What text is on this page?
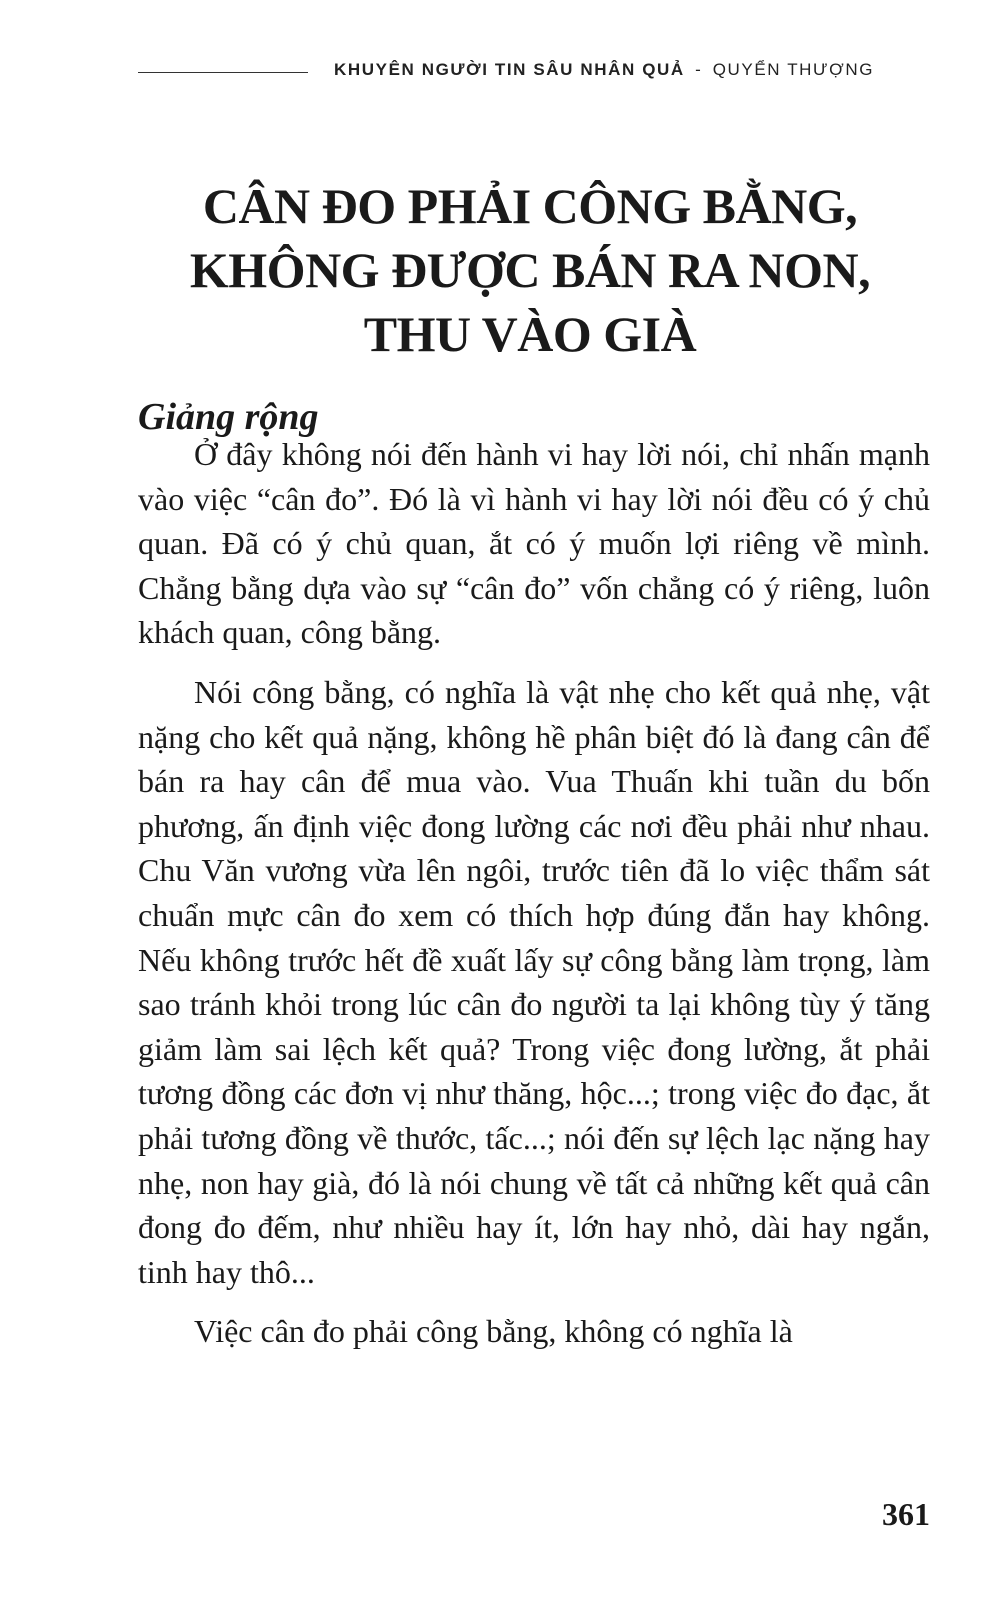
KHUYÊN NGƯỜI TIN SÂU NHÂN QUẢ - QUYỂN THƯỢNG
CÂN ĐO PHẢI CÔNG BẰNG,
KHÔNG ĐƯỢC BÁN RA NON,
THU VÀO GIÀ
Giảng rộng

Ở đây không nói đến hành vi hay lời nói, chỉ nhấn mạnh vào việc “cân đo”. Đó là vì hành vi hay lời nói đều có ý chủ quan. Đã có ý chủ quan, ắt có ý muốn lợi riêng về mình. Chẳng bằng dựa vào sự “cân đo” vốn chẳng có ý riêng, luôn khách quan, công bằng.

Nói công bằng, có nghĩa là vật nhẹ cho kết quả nhẹ, vật nặng cho kết quả nặng, không hề phân biệt đó là đang cân để bán ra hay cân để mua vào. Vua Thuấn khi tuần du bốn phương, ấn định việc đong lường các nơi đều phải như nhau. Chu Văn vương vừa lên ngôi, trước tiên đã lo việc thẩm sát chuẩn mực cân đo xem có thích hợp đúng đắn hay không. Nếu không trước hết đề xuất lấy sự công bằng làm trọng, làm sao tránh khỏi trong lúc cân đo người ta lại không tùy ý tăng giảm làm sai lệch kết quả? Trong việc đong lường, ắt phải tương đồng các đơn vị như thăng, hộc...; trong việc đo đạc, ắt phải tương đồng về thước, tấc...; nói đến sự lệch lạc nặng hay nhẹ, non hay già, đó là nói chung về tất cả những kết quả cân đong đo đếm, như nhiều hay ít, lớn hay nhỏ, dài hay ngắn, tinh hay thô...

Việc cân đo phải công bằng, không có nghĩa là

361
